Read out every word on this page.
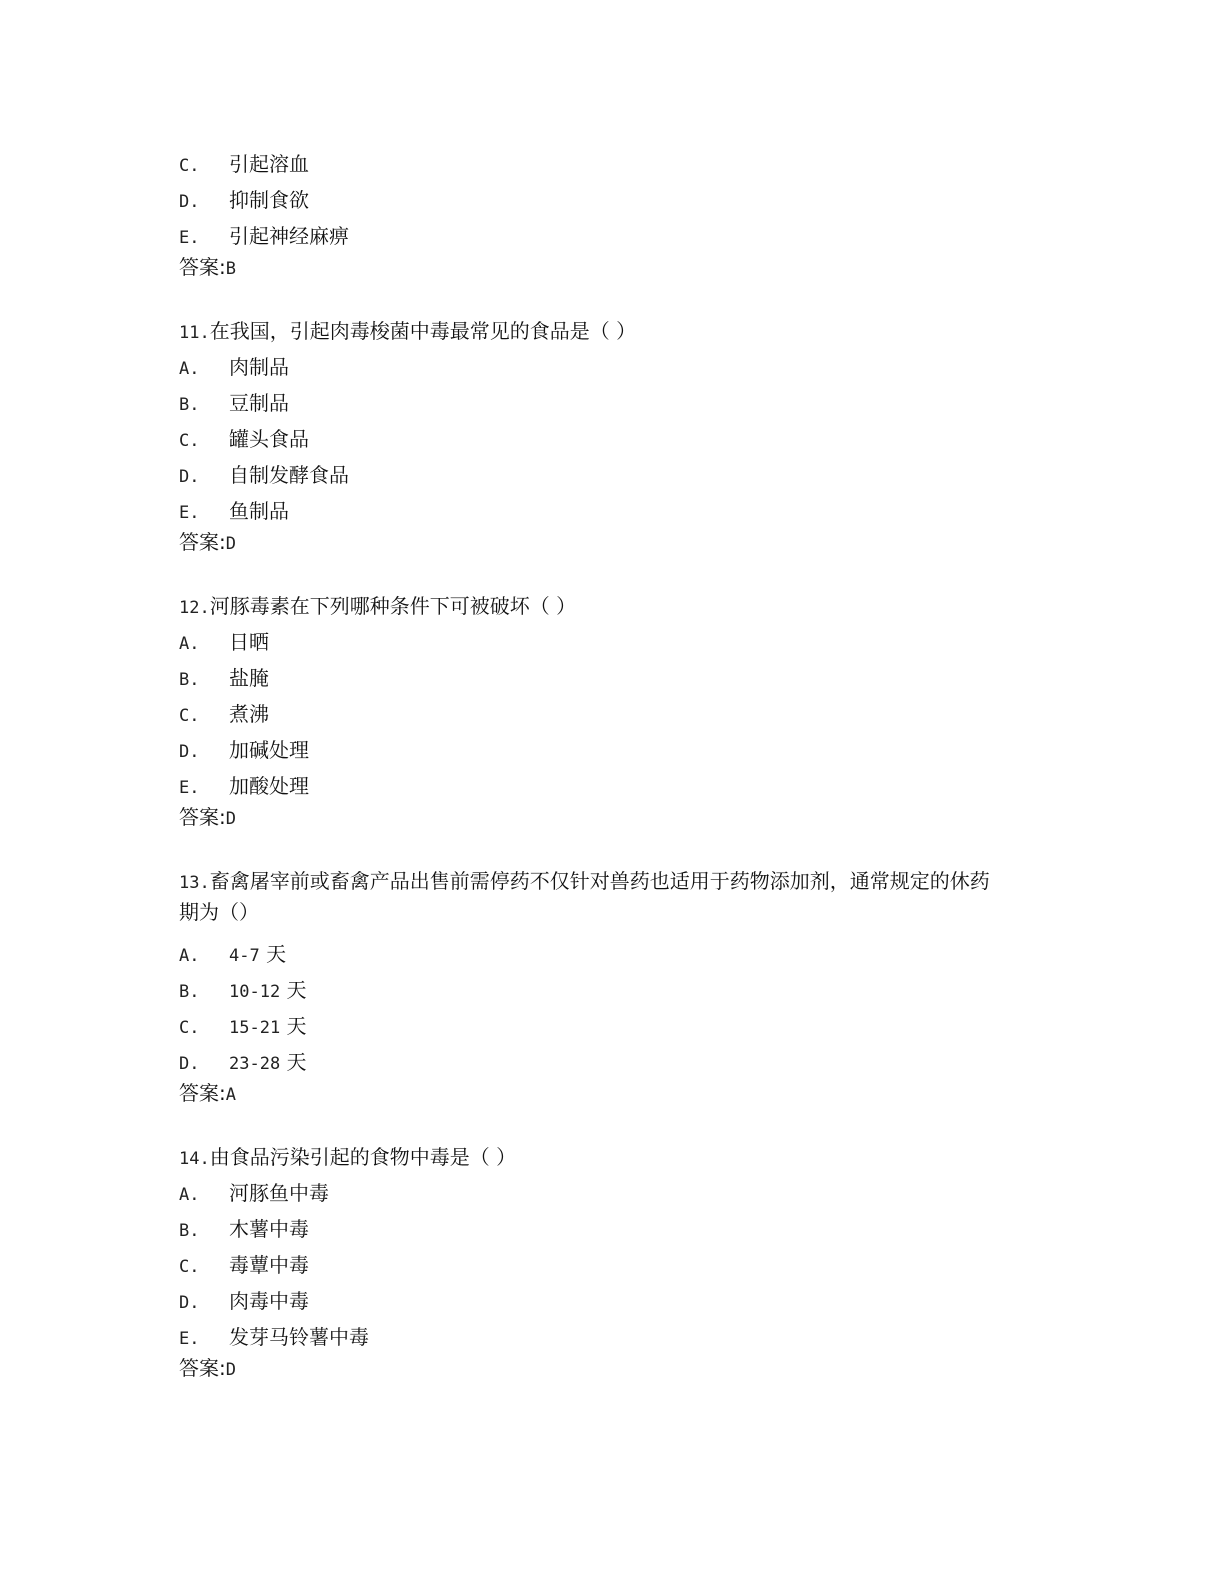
C. 引起溶血
D. 抑制食欲
E. 引起神经麻痹
答案:B
11.在我国，引起肉毒梭菌中毒最常见的食品是（ ）
A. 肉制品
B. 豆制品
C. 罐头食品
D. 自制发酵食品
E. 鱼制品
答案:D
12.河豚毒素在下列哪种条件下可被破坏（ ）
A. 日晒
B. 盐腌
C. 煮沸
D. 加碱处理
E. 加酸处理
答案:D
13.畜禽屠宰前或畜禽产品出售前需停药不仅针对兽药也适用于药物添加剂，通常规定的休药
期为（）
A. 4-7 天
B. 10-12 天
C. 15-21 天
D. 23-28 天
答案:A
14.由食品污染引起的食物中毒是（ ）
A. 河豚鱼中毒
B. 木薯中毒
C. 毒蕈中毒
D. 肉毒中毒
E. 发芽马铃薯中毒
答案:D
